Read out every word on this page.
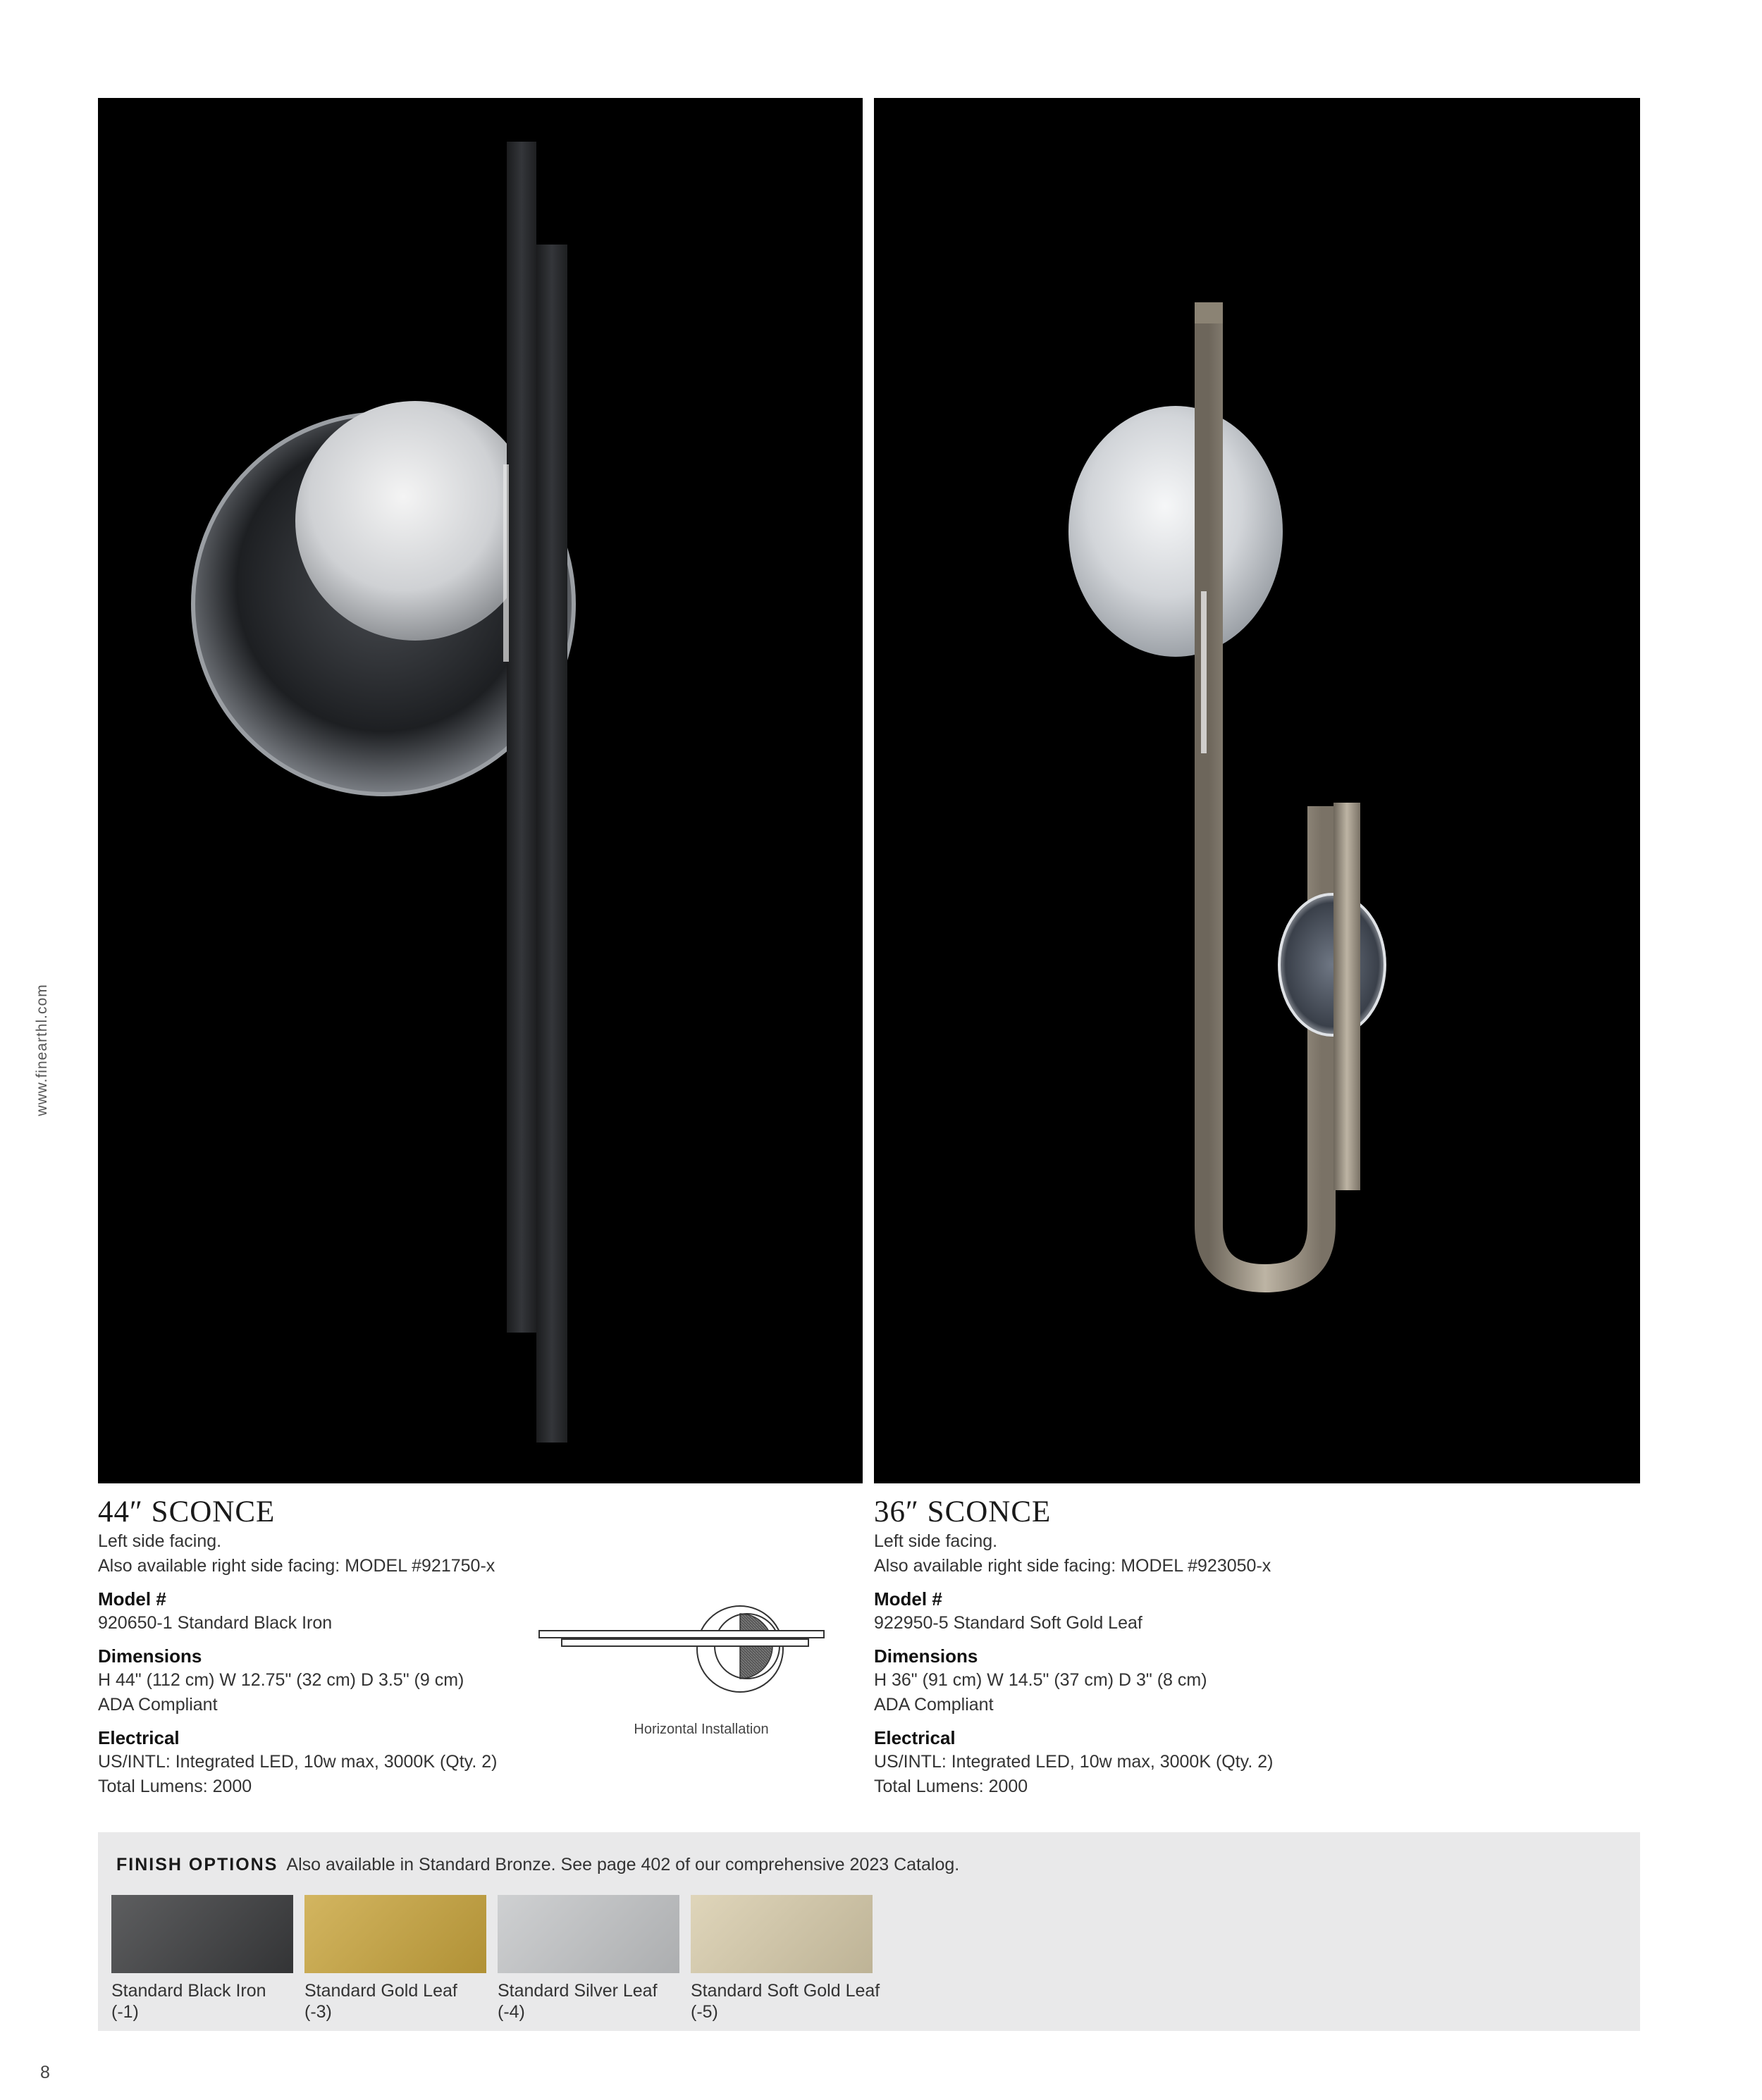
www.finearthl.com
44″ SCONCE

Left side facing.

Also available right side facing: MODEL #921750-x

Model #

920650-1 Standard Black Iron

Dimensions

H 44" (112 cm) W 12.75" (32 cm) D 3.5" (9 cm)

ADA Compliant

Electrical

US/INTL: Integrated LED, 10w max, 3000K (Qty. 2)

Total Lumens: 2000

Horizontal Installation
36″ SCONCE

Left side facing.

Also available right side facing: MODEL #923050-x

Model #

922950-5 Standard Soft Gold Leaf

Dimensions

H 36" (91 cm) W 14.5" (37 cm) D 3" (8 cm)

ADA Compliant

Electrical

US/INTL: Integrated LED, 10w max, 3000K (Qty. 2)

Total Lumens: 2000

FINISH OPTIONS Also available in Standard Bronze. See page 402 of our comprehensive 2023 Catalog.
Standard Black Iron
(-1)
Standard Gold Leaf
(-3)
Standard Silver Leaf
(-4)
Standard Soft Gold Leaf
(-5)
8
